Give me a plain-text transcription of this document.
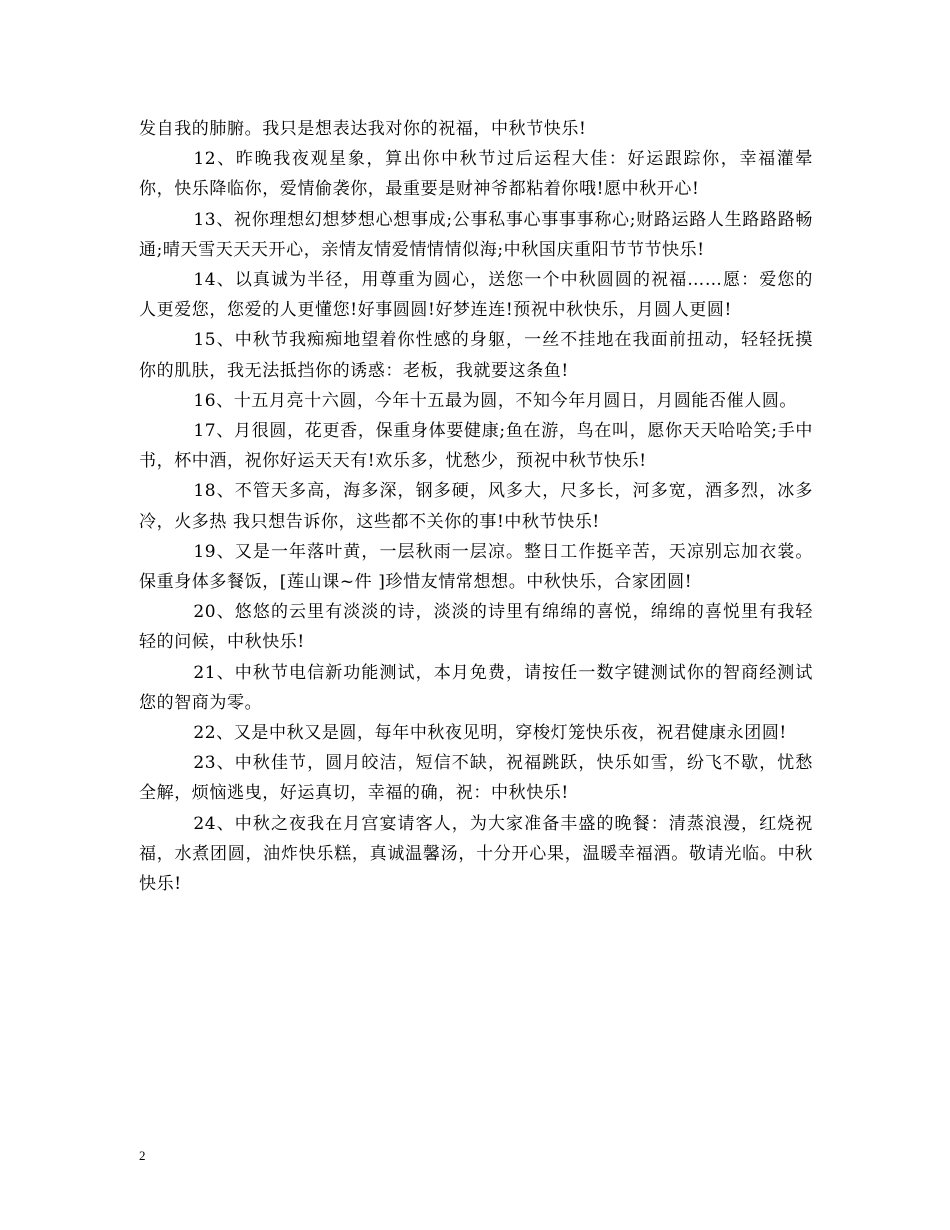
发自我的肺腑。我只是想表达我对你的祝福，中秋节快乐!

12、昨晚我夜观星象，算出你中秋节过后运程大佳：好运跟踪你，幸福灌晕你，快乐降临你，爱情偷袭你，最重要是财神爷都粘着你哦!愿中秋开心!

13、祝你理想幻想梦想心想事成;公事私事心事事事称心;财路运路人生路路路畅通;晴天雪天天天开心，亲情友情爱情情情似海;中秋国庆重阳节节节快乐!

14、以真诚为半径，用尊重为圆心，送您一个中秋圆圆的祝福……愿：爱您的人更爱您，您爱的人更懂您!好事圆圆!好梦连连!预祝中秋快乐，月圆人更圆!

15、中秋节我痴痴地望着你性感的身躯，一丝不挂地在我面前扭动，轻轻抚摸你的肌肤，我无法抵挡你的诱惑：老板，我就要这条鱼!

16、十五月亮十六圆，今年十五最为圆，不知今年月圆日，月圆能否催人圆。

17、月很圆，花更香，保重身体要健康;鱼在游，鸟在叫，愿你天天哈哈笑;手中书，杯中酒，祝你好运天天有!欢乐多，忧愁少，预祝中秋节快乐!

18、不管天多高，海多深，钢多硬，风多大，尺多长，河多宽，酒多烈，冰多冷，火多热 我只想告诉你，这些都不关你的事!中秋节快乐!

19、又是一年落叶黄，一层秋雨一层凉。整日工作挺辛苦，天凉别忘加衣裳。保重身体多餐饭，[莲山课~件 ]珍惜友情常想想。中秋快乐，合家团圆!

20、悠悠的云里有淡淡的诗，淡淡的诗里有绵绵的喜悦，绵绵的喜悦里有我轻轻的问候，中秋快乐!

21、中秋节电信新功能测试，本月免费，请按任一数字键测试你的智商经测试您的智商为零。

22、又是中秋又是圆，每年中秋夜见明，穿梭灯笼快乐夜，祝君健康永团圆!

23、中秋佳节，圆月皎洁，短信不缺，祝福跳跃，快乐如雪，纷飞不歇，忧愁全解，烦恼逃曳，好运真切，幸福的确，祝：中秋快乐!

24、中秋之夜我在月宫宴请客人，为大家准备丰盛的晚餐：清蒸浪漫，红烧祝福，水煮团圆，油炸快乐糕，真诚温馨汤，十分开心果，温暖幸福酒。敬请光临。中秋快乐!

2
